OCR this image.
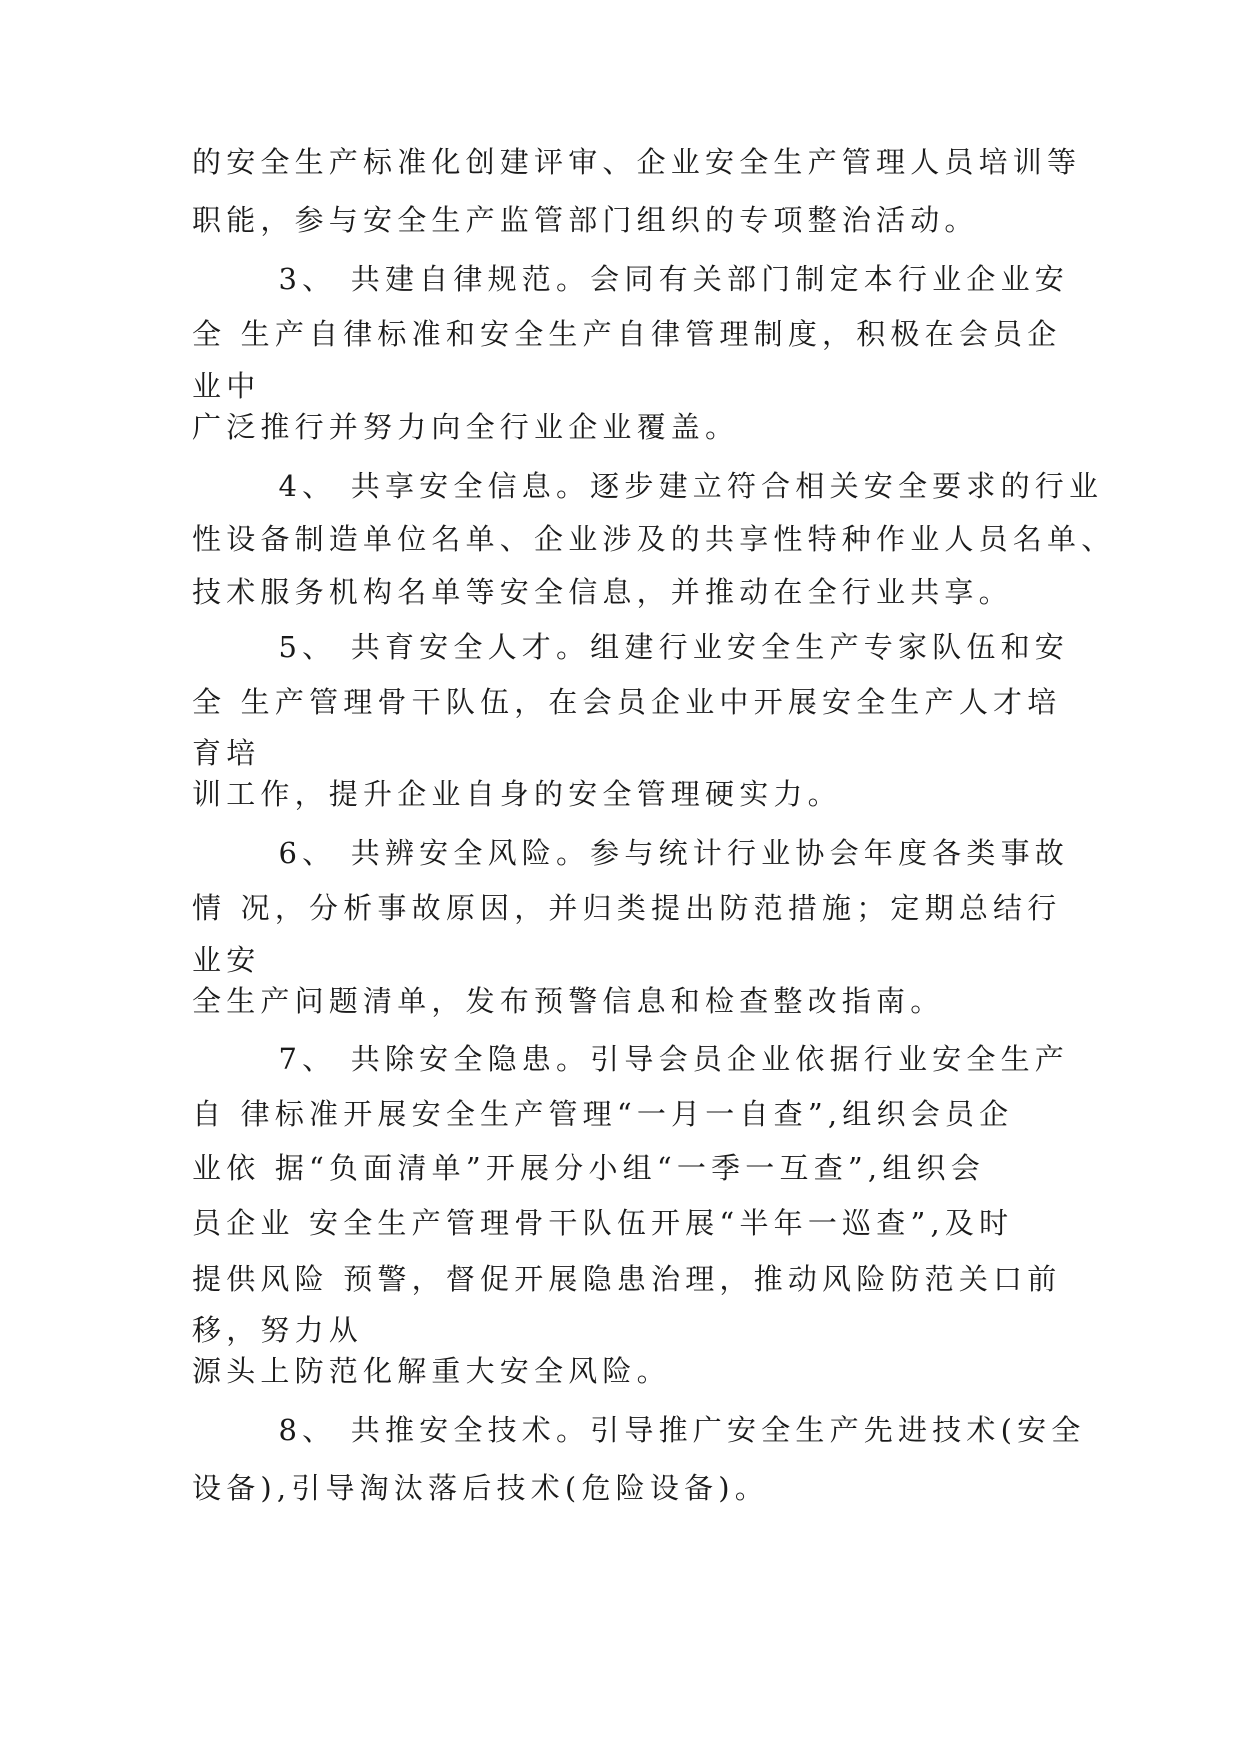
的安全生产标准化创建评审、企业安全生产管理人员培训等
职能，参与安全生产监管部门组织的专项整治活动。
3、 共建自律规范。会同有关部门制定本行业企业安
全 生产自律标准和安全生产自律管理制度，积极在会员企
业中
广泛推行并努力向全行业企业覆盖。
4、 共享安全信息。逐步建立符合相关安全要求的行业
性设备制造单位名单、企业涉及的共享性特种作业人员名单、
技术服务机构名单等安全信息，并推动在全行业共享。
5、 共育安全人才。组建行业安全生产专家队伍和安
全 生产管理骨干队伍，在会员企业中开展安全生产人才培
育培
训工作，提升企业自身的安全管理硬实力。
6、 共辨安全风险。参与统计行业协会年度各类事故
情 况，分析事故原因，并归类提出防范措施；定期总结行
业安
全生产问题清单，发布预警信息和检查整改指南。
7、 共除安全隐患。引导会员企业依据行业安全生产
自 律标准开展安全生产管理“一月一自查”,组织会员企
业依 据“负面清单”开展分小组“一季一互查”,组织会
员企业 安全生产管理骨干队伍开展“半年一巡查”,及时
提供风险 预警，督促开展隐患治理，推动风险防范关口前
移，努力从
源头上防范化解重大安全风险。
8、 共推安全技术。引导推广安全生产先进技术(安全
设备),引导淘汰落后技术(危险设备)。
